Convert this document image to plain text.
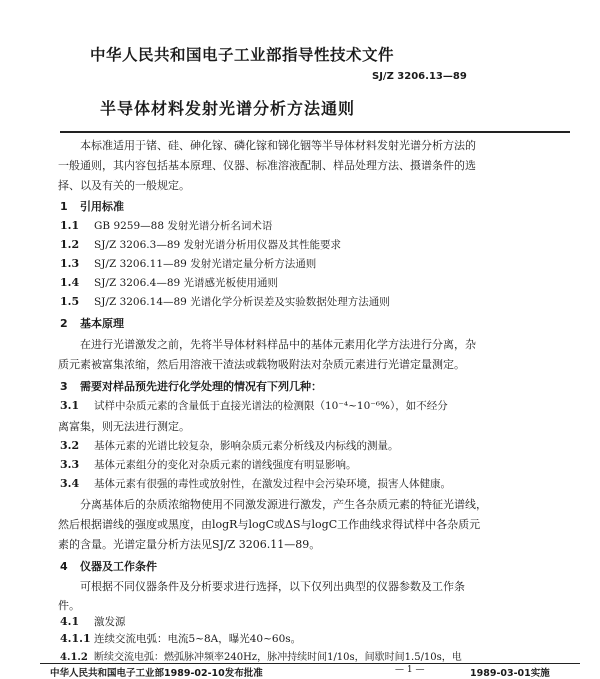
中华人民共和国电子工业部指导性技术文件
SJ/Z 3206.13—89
半导体材料发射光谱分析方法通则
本标准适用于锗、硅、砷化镓、磷化镓和锑化铟等半导体材料发射光谱分析方法的
一般通则，其内容包括基本原理、仪器、标准溶液配制、样品处理方法、摄谱条件的选
择、以及有关的一般规定。
1 引用标准
1.1 GB 9259—88 发射光谱分析名词术语
1.2 SJ/Z 3206.3—89 发射光谱分析用仪器及其性能要求
1.3 SJ/Z 3206.11—89 发射光谱定量分析方法通则
1.4 SJ/Z 3206.4—89 光谱感光板使用通则
1.5 SJ/Z 3206.14—89 光谱化学分析误差及实验数据处理方法通则
2 基本原理
在进行光谱激发之前，先将半导体材料样品中的基体元素用化学方法进行分离，杂
质元素被富集浓缩，然后用溶液干渣法或载物吸附法对杂质元素进行光谱定量测定。
3 需要对样品预先进行化学处理的情况有下列几种：
3.1 试样中杂质元素的含量低于直接光谱法的检测限（10⁻⁴~10⁻⁶%），如不经分
离富集，则无法进行测定。
3.2 基体元素的光谱比较复杂，影响杂质元素分析线及内标线的测量。
3.3 基体元素组分的变化对杂质元素的谱线强度有明显影响。
3.4 基体元素有很强的毒性或放射性，在激发过程中会污染环境，损害人体健康。
分离基体后的杂质浓缩物使用不同激发源进行激发，产生各杂质元素的特征光谱线，
然后根据谱线的强度或黑度，由logR与logC或ΔS与logC工作曲线求得试样中各杂质元
素的含量。光谱定量分析方法见SJ/Z 3206.11—89。
4 仪器及工作条件
可根据不同仪器条件及分析要求进行选择，以下仅列出典型的仪器参数及工作条
件。
4.1 激发源
4.1.1 连续交流电弧：电流5~8A，曝光40~60s。
4.1.2 断续交流电弧：燃弧脉冲频率240Hz，脉冲持续时间1/10s，间歇时间1.5/10s，电
中华人民共和国电子工业部1989-02-10发布批准	1989-03-01实施
— 1 —
